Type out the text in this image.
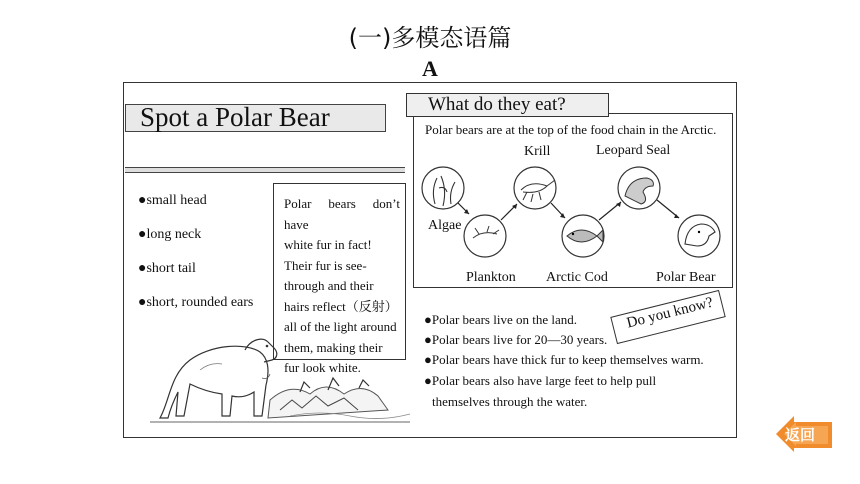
(一)多模态语篇
A
Spot a Polar Bear
●small head
●long neck
●short tail
●short, rounded ears
Polar bears don’t have
white fur in fact!
Their fur is see-
through and their
hairs reflect（反射）
all of the light around
them, making their
fur look white.
What do they eat?
Polar bears are at the top of the food chain in the Arctic.
Algae
Plankton
Krill
Arctic Cod
Leopard Seal
Polar Bear
Do you know?
●Polar bears live on the land.
●Polar bears live for 20—30 years.
●Polar bears have thick fur to keep themselves warm.
●Polar bears also have large feet to help pull
themselves through the water.
返回
